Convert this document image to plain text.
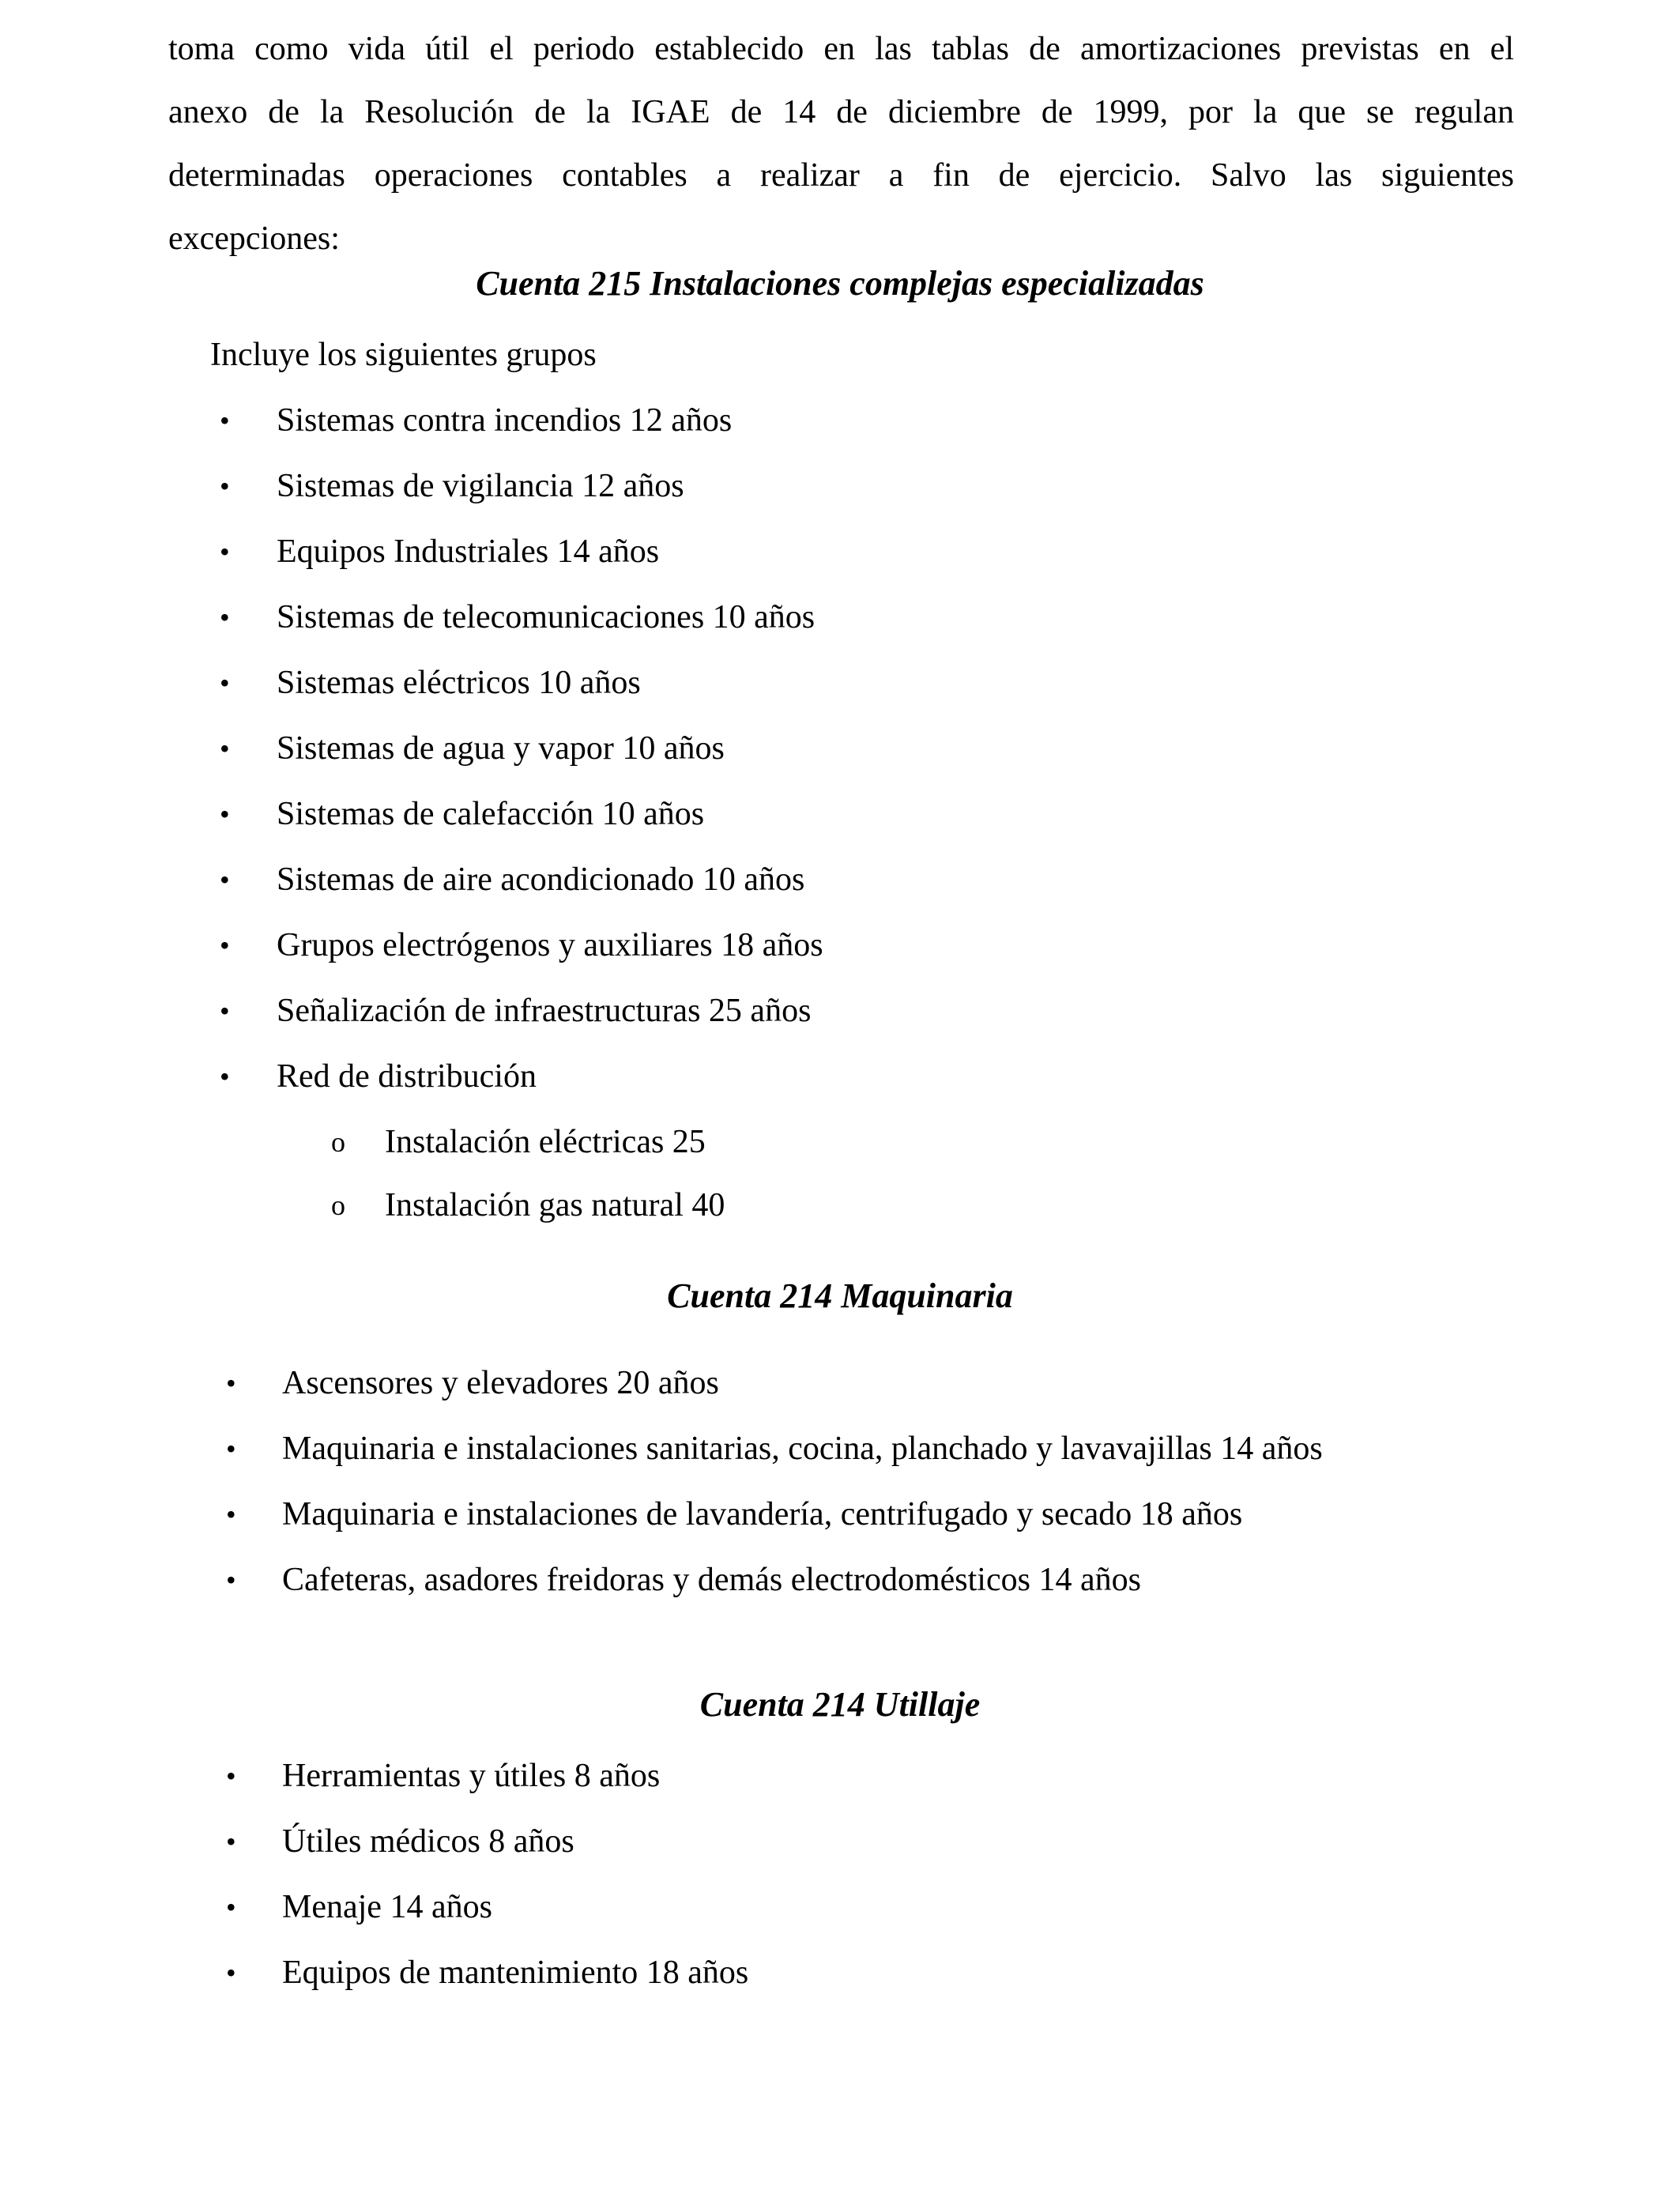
toma como vida útil el periodo establecido en las tablas de amortizaciones previstas en el
anexo de la Resolución de la IGAE de 14 de diciembre de 1999, por la que se regulan
determinadas operaciones contables a realizar a fin de ejercicio. Salvo las siguientes
excepciones:

Cuenta 215 Instalaciones complejas especializadas

Incluye los siguientes grupos

• Sistemas contra incendios 12 años
• Sistemas de vigilancia 12 años
• Equipos Industriales 14 años
• Sistemas de telecomunicaciones 10 años
• Sistemas eléctricos 10 años
• Sistemas de agua y vapor 10 años
• Sistemas de calefacción 10 años
• Sistemas de aire acondicionado 10 años
• Grupos electrógenos y auxiliares 18 años
• Señalización de infraestructuras 25 años
• Red de distribución
o Instalación eléctricas 25
o Instalación gas natural 40
Cuenta 214 Maquinaria
• Ascensores y elevadores 20 años
• Maquinaria e instalaciones sanitarias, cocina, planchado y lavavajillas 14 años
• Maquinaria e instalaciones de lavandería, centrifugado y secado 18 años
• Cafeteras, asadores freidoras y demás electrodomésticos 14 años
Cuenta 214 Utillaje
• Herramientas y útiles 8 años
• Útiles médicos 8 años
• Menaje 14 años
• Equipos de mantenimiento 18 años
